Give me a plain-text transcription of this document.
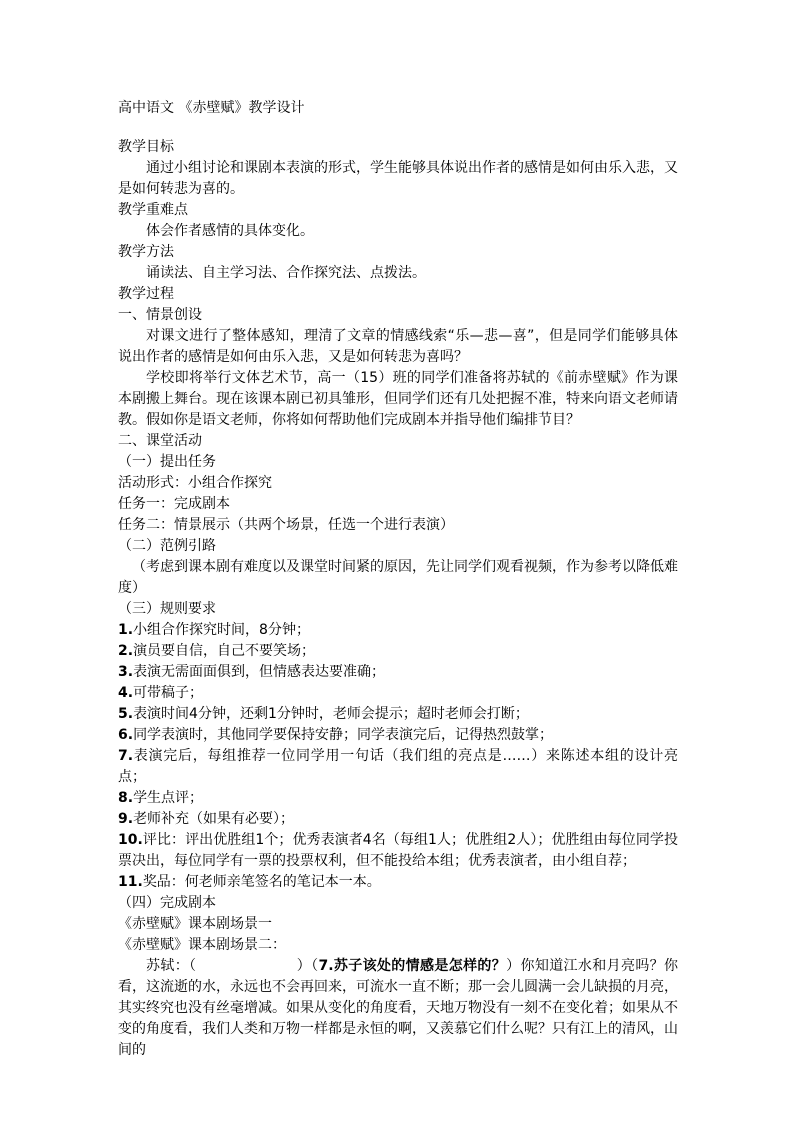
高中语文 《赤壁赋》教学设计
教学目标
通过小组讨论和课剧本表演的形式，学生能够具体说出作者的感情是如何由乐入悲，又是如何转悲为喜的。
教学重难点
体会作者感情的具体变化。
教学方法
诵读法、自主学习法、合作探究法、点拨法。
教学过程
一、情景创设
对课文进行了整体感知，理清了文章的情感线索“乐—悲—喜”，但是同学们能够具体说出作者的感情是如何由乐入悲，又是如何转悲为喜吗？
学校即将举行文体艺术节，高一（15）班的同学们准备将苏轼的《前赤壁赋》作为课本剧搬上舞台。现在该课本剧已初具雏形，但同学们还有几处把握不准，特来向语文老师请教。假如你是语文老师，你将如何帮助他们完成剧本并指导他们编排节目？
二、课堂活动
（一）提出任务
活动形式：小组合作探究
任务一：完成剧本
任务二：情景展示（共两个场景，任选一个进行表演）
（二）范例引路
（考虑到课本剧有难度以及课堂时间紧的原因，先让同学们观看视频，作为参考以降低难度）
（三）规则要求
1.小组合作探究时间，8分钟；
2.演员要自信，自己不要笑场；
3.表演无需面面俱到，但情感表达要准确；
4.可带稿子；
5.表演时间4分钟，还剩1分钟时，老师会提示；超时老师会打断；
6.同学表演时，其他同学要保持安静；同学表演完后，记得热烈鼓掌；
7.表演完后，每组推荐一位同学用一句话（我们组的亮点是……）来陈述本组的设计亮点；
8.学生点评；
9.老师补充（如果有必要）；
10.评比：评出优胜组1个；优秀表演者4名（每组1人；优胜组2人）；优胜组由每位同学投票决出，每位同学有一票的投票权利，但不能投给本组；优秀表演者，由小组自荐；
11.奖品：何老师亲笔签名的笔记本一本。
（四）完成剧本
《赤壁赋》课本剧场景一
《赤壁赋》课本剧场景二：
苏轼：（	）（7.苏子该处的情感是怎样的？）你知道江水和月亮吗？你看，这流逝的水，永远也不会再回来，可流水一直不断；那一会儿圆满一会儿缺损的月亮，其实终究也没有丝毫增减。如果从变化的角度看，天地万物没有一刻不在变化着；如果从不变的角度看，我们人类和万物一样都是永恒的啊，又羡慕它们什么呢？只有江上的清风，山间的
